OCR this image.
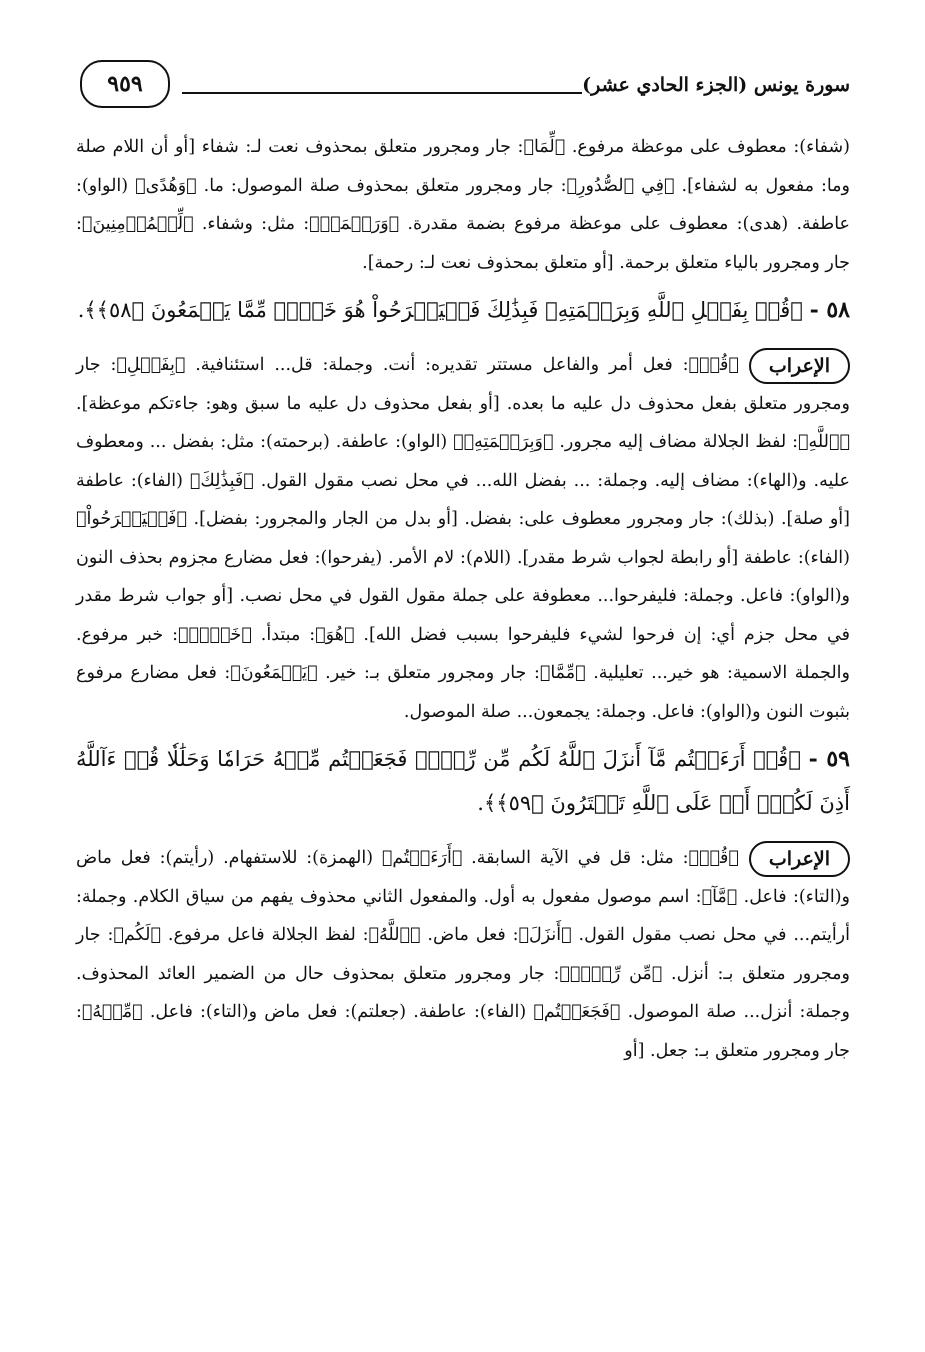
سورة يونس (الجزء الحادي عشر)
٩٥٩

(شفاء): معطوف على موعظة مرفوع. ﴿لِّمَا﴾: جار ومجرور متعلق بمحذوف نعت لـ: شفاء [أو أن اللام صلة وما: مفعول به لشفاء]. ﴿فِي ٱلصُّدُورِ﴾: جار ومجرور متعلق بمحذوف صلة الموصول: ما. ﴿وَهُدًى﴾ (الواو): عاطفة. (هدى): معطوف على موعظة مرفوع بضمة مقدرة. ﴿وَرَحۡمَةٞ﴾: مثل: وشفاء. ﴿لِّلۡمُؤۡمِنِينَ﴾: جار ومجرور بالياء متعلق برحمة. [أو متعلق بمحذوف نعت لـ: رحمة].

٥٨ - ﴿قُلۡ بِفَضۡلِ ٱللَّهِ وَبِرَحۡمَتِهِۦ فَبِذَٰلِكَ فَلۡيَفۡرَحُواْ هُوَ خَيۡرٞ مِّمَّا يَجۡمَعُونَ ﴿٥٨﴾﴾.
الإعراب

﴿قُلۡ﴾: فعل أمر والفاعل مستتر تقديره: أنت. وجملة: قل... استئنافية. ﴿بِفَضۡلِ﴾: جار ومجرور متعلق بفعل محذوف دل عليه ما بعده. [أو بفعل محذوف دل عليه ما سبق وهو: جاءتكم موعظة]. ﴿ٱللَّهِ﴾: لفظ الجلالة مضاف إليه مجرور. ﴿وَبِرَحۡمَتِهِۦ﴾ (الواو): عاطفة. (برحمته): مثل: بفضل ... ومعطوف عليه. و(الهاء): مضاف إليه. وجملة: ... بفضل الله... في محل نصب مقول القول. ﴿فَبِذَٰلِكَ﴾ (الفاء): عاطفة [أو صلة]. (بذلك): جار ومجرور معطوف على: بفضل. [أو بدل من الجار والمجرور: بفضل]. ﴿فَلۡيَفۡرَحُواْ﴾ (الفاء): عاطفة [أو رابطة لجواب شرط مقدر]. (اللام): لام الأمر. (يفرحوا): فعل مضارع مجزوم بحذف النون و(الواو): فاعل. وجملة: فليفرحوا... معطوفة على جملة مقول القول في محل نصب. [أو جواب شرط مقدر في محل جزم أي: إن فرحوا لشيء فليفرحوا بسبب فضل الله]. ﴿هُوَ﴾: مبتدأ. ﴿خَيۡرٞ﴾: خبر مرفوع. والجملة الاسمية: هو خير... تعليلية. ﴿مِّمَّا﴾: جار ومجرور متعلق بـ: خير. ﴿يَجۡمَعُونَ﴾: فعل مضارع مرفوع بثبوت النون و(الواو): فاعل. وجملة: يجمعون... صلة الموصول.

٥٩ - ﴿قُلۡ أَرَءَيۡتُم مَّآ أَنزَلَ ٱللَّهُ لَكُم مِّن رِّزۡقٖ فَجَعَلۡتُم مِّنۡهُ حَرَامٗا وَحَلَٰلٗا قُلۡ ءَآللَّهُ أَذِنَ لَكُمۡۖ أَمۡ عَلَى ٱللَّهِ تَفۡتَرُونَ ﴿٥٩﴾﴾.
الإعراب

﴿قُلۡ﴾: مثل: قل في الآية السابقة. ﴿أَرَءَيۡتُم﴾ (الهمزة): للاستفهام. (رأيتم): فعل ماض و(التاء): فاعل. ﴿مَّآ﴾: اسم موصول مفعول به أول. والمفعول الثاني محذوف يفهم من سياق الكلام. وجملة: أرأيتم... في محل نصب مقول القول. ﴿أَنزَلَ﴾: فعل ماض. ﴿ٱللَّهُ﴾: لفظ الجلالة فاعل مرفوع. ﴿لَكُم﴾: جار ومجرور متعلق بـ: أنزل. ﴿مِّن رِّزۡقٖ﴾: جار ومجرور متعلق بمحذوف حال من الضمير العائد المحذوف. وجملة: أنزل... صلة الموصول. ﴿فَجَعَلۡتُم﴾ (الفاء): عاطفة. (جعلتم): فعل ماض و(التاء): فاعل. ﴿مِّنۡهُ﴾: جار ومجرور متعلق بـ: جعل. [أو
